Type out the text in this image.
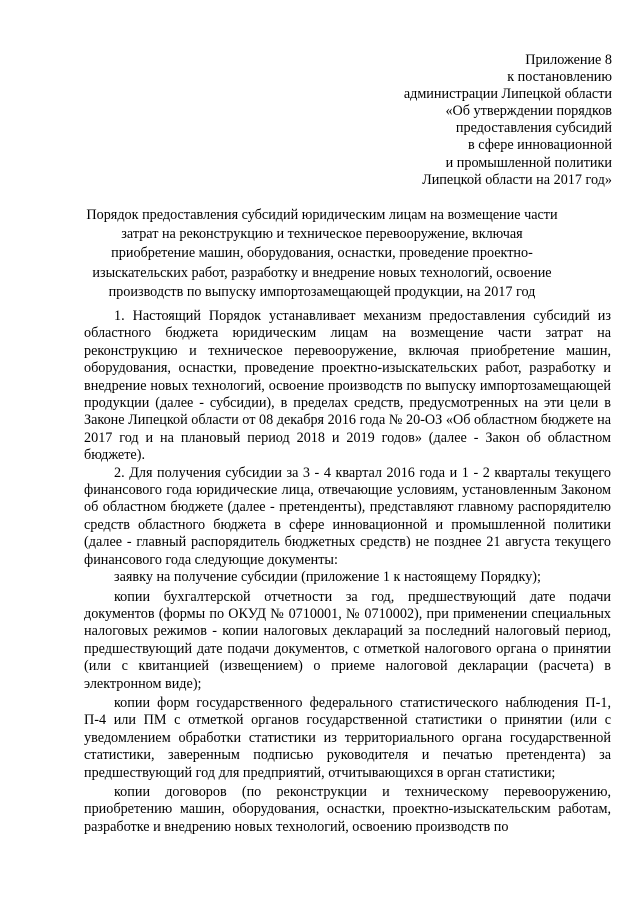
Приложение 8
к постановлению
администрации Липецкой области
«Об утверждении порядков
предоставления субсидий
в сфере инновационной
и промышленной политики
Липецкой области на 2017 год»
Порядок предоставления субсидий юридическим лицам на возмещение части затрат на реконструкцию и техническое перевооружение, включая приобретение машин, оборудования, оснастки, проведение проектно-изыскательских работ, разработку и внедрение новых технологий, освоение производств по выпуску импортозамещающей продукции, на 2017 год

1. Настоящий Порядок устанавливает механизм предоставления субсидий из областного бюджета юридическим лицам на возмещение части затрат на реконструкцию и техническое перевооружение, включая приобретение машин, оборудования, оснастки, проведение проектно-изыскательских работ, разработку и внедрение новых технологий, освоение производств по выпуску импортозамещающей продукции (далее - субсидии), в пределах средств, предусмотренных на эти цели в Законе Липецкой области от 08 декабря 2016 года № 20-ОЗ «Об областном бюджете на 2017 год и на плановый период 2018 и 2019 годов» (далее - Закон об областном бюджете).

2. Для получения субсидии за 3 - 4 квартал 2016 года и 1 - 2 кварталы текущего финансового года юридические лица, отвечающие условиям, установленным Законом об областном бюджете (далее - претенденты), представляют главному распорядителю средств областного бюджета в сфере инновационной и промышленной политики (далее - главный распорядитель бюджетных средств) не позднее 21 августа текущего финансового года следующие документы:

заявку на получение субсидии (приложение 1 к настоящему Порядку);

копии бухгалтерской отчетности за год, предшествующий дате подачи документов (формы по ОКУД № 0710001, № 0710002), при применении специальных налоговых режимов - копии налоговых деклараций за последний налоговый период, предшествующий дате подачи документов, с отметкой налогового органа о принятии (или с квитанцией (извещением) о приеме налоговой декларации (расчета) в электронном виде);

копии форм государственного федерального статистического наблюдения П-1, П-4 или ПМ с отметкой органов государственной статистики о принятии (или с уведомлением обработки статистики из территориального органа государственной статистики, заверенным подписью руководителя и печатью претендента) за предшествующий год для предприятий, отчитывающихся в орган статистики;

копии договоров (по реконструкции и техническому перевооружению, приобретению машин, оборудования, оснастки, проектно-изыскательским работам, разработке и внедрению новых технологий, освоению производств по
